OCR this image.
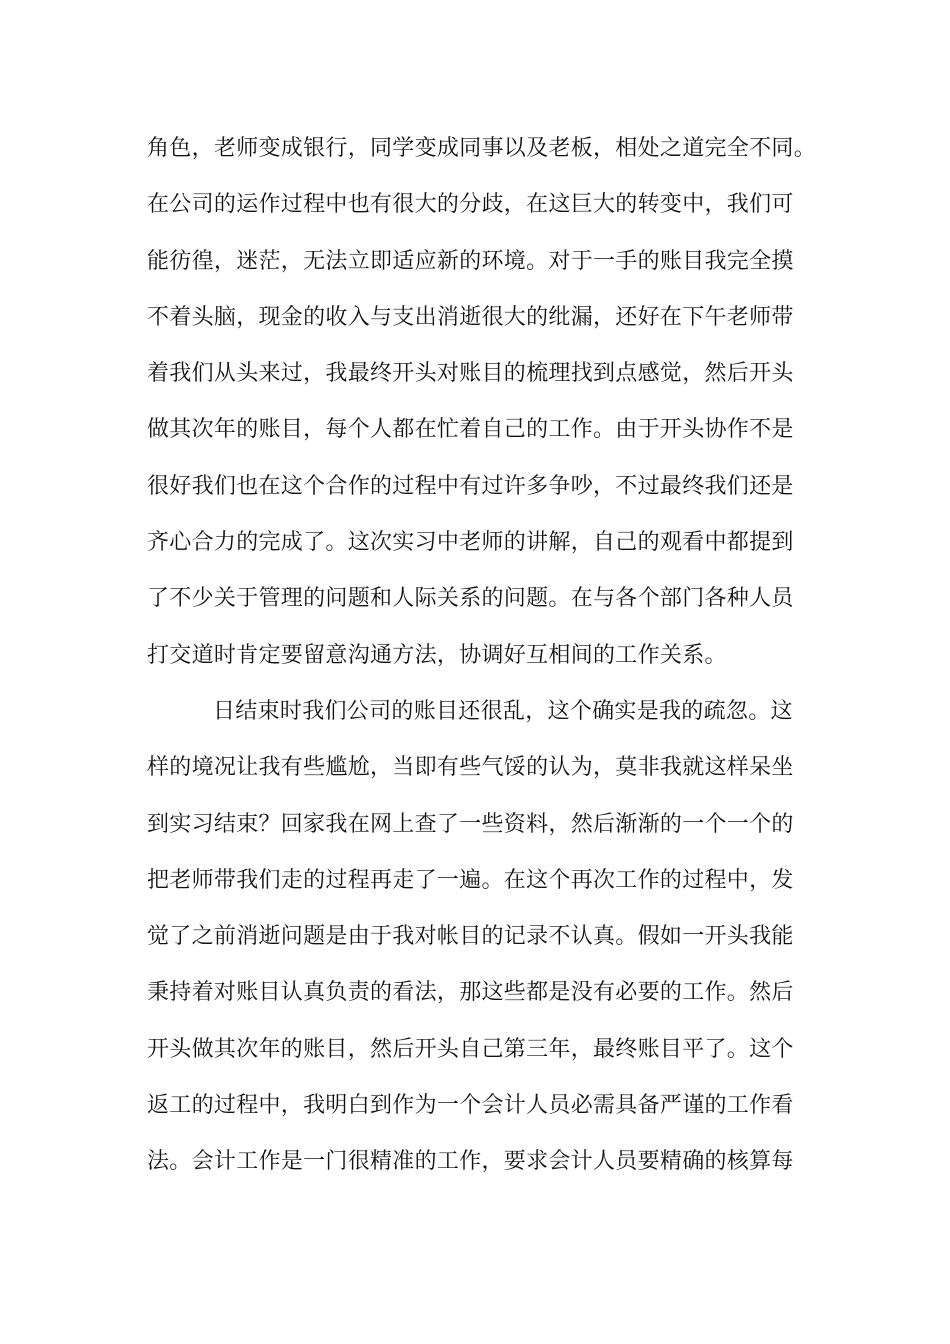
角色，老师变成银行，同学变成同事以及老板，相处之道完全不同。
在公司的运作过程中也有很大的分歧，在这巨大的转变中，我们可
能彷徨，迷茫，无法立即适应新的环境。对于一手的账目我完全摸
不着头脑，现金的收入与支出消逝很大的纰漏，还好在下午老师带
着我们从头来过，我最终开头对账目的梳理找到点感觉，然后开头
做其次年的账目，每个人都在忙着自己的工作。由于开头协作不是
很好我们也在这个合作的过程中有过许多争吵，不过最终我们还是
齐心合力的完成了。这次实习中老师的讲解，自己的观看中都提到
了不少关于管理的问题和人际关系的问题。在与各个部门各种人员
打交道时肯定要留意沟通方法，协调好互相间的工作关系。
日结束时我们公司的账目还很乱，这个确实是我的疏忽。这
样的境况让我有些尴尬，当即有些气馁的认为，莫非我就这样呆坐
到实习结束？回家我在网上查了一些资料，然后渐渐的一个一个的
把老师带我们走的过程再走了一遍。在这个再次工作的过程中，发
觉了之前消逝问题是由于我对帐目的记录不认真。假如一开头我能
秉持着对账目认真负责的看法，那这些都是没有必要的工作。然后
开头做其次年的账目，然后开头自己第三年，最终账目平了。这个
返工的过程中，我明白到作为一个会计人员必需具备严谨的工作看
法。会计工作是一门很精准的工作，要求会计人员要精确的核算每
